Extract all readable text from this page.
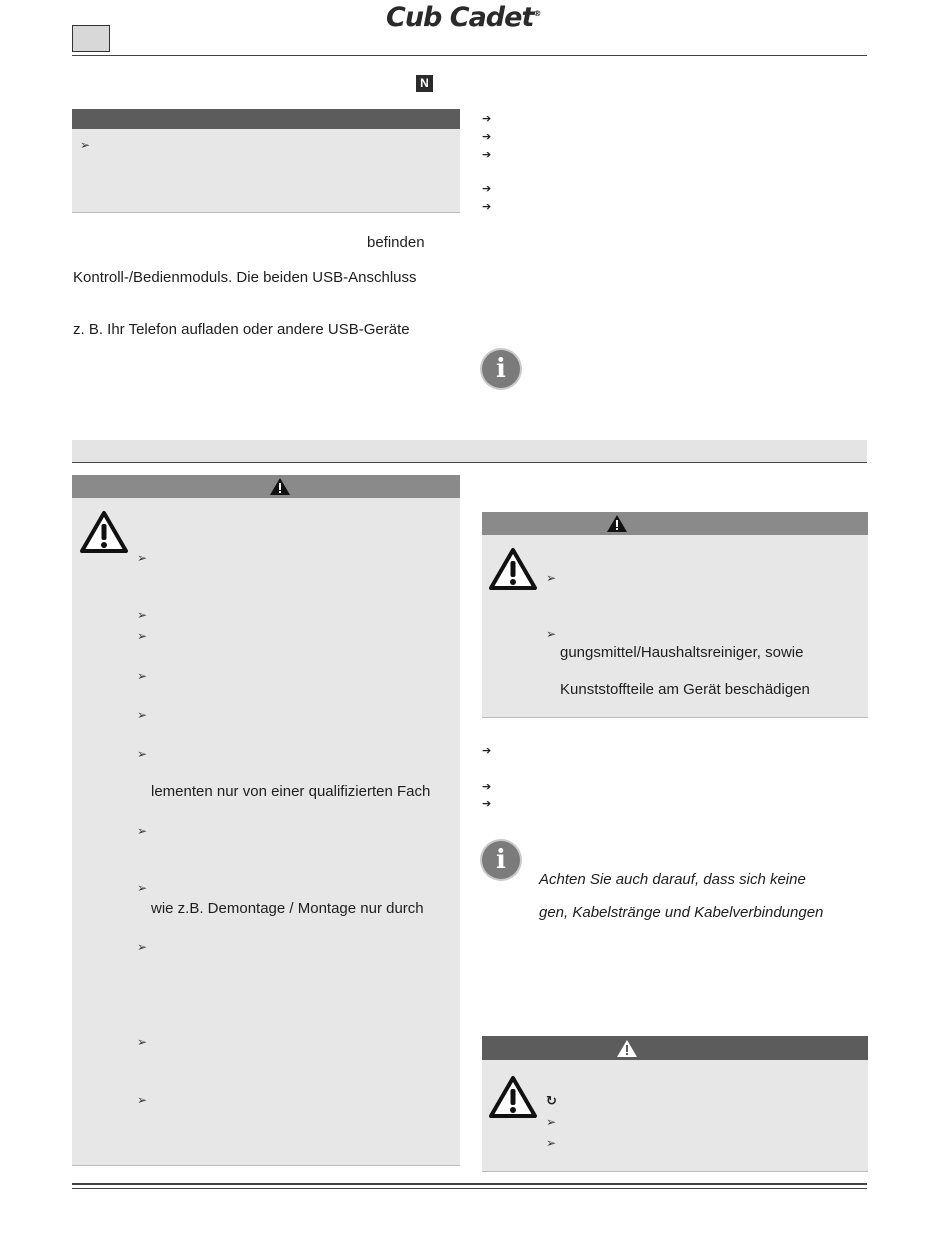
Cub Cadet®
N
➢
befinden
Kontroll-/Bedienmoduls. Die beiden USB-Anschluss
z. B. Ihr Telefon aufladen oder andere USB-Geräte
➔
➔
➔
➔
➔
i
➢
➢
➢
➢
➢
➢
lementen nur von einer qualifizierten Fach
➢
➢
wie z.B. Demontage / Montage nur durch
➢
➢
➢
➢
➢
gungsmittel/Haushaltsreiniger, sowie
Kunststoffteile am Gerät beschädigen
➔
➔
➔
i
Achten Sie auch darauf, dass sich keine
gen, Kabelstränge und Kabelverbindungen
↻
➢
➢
